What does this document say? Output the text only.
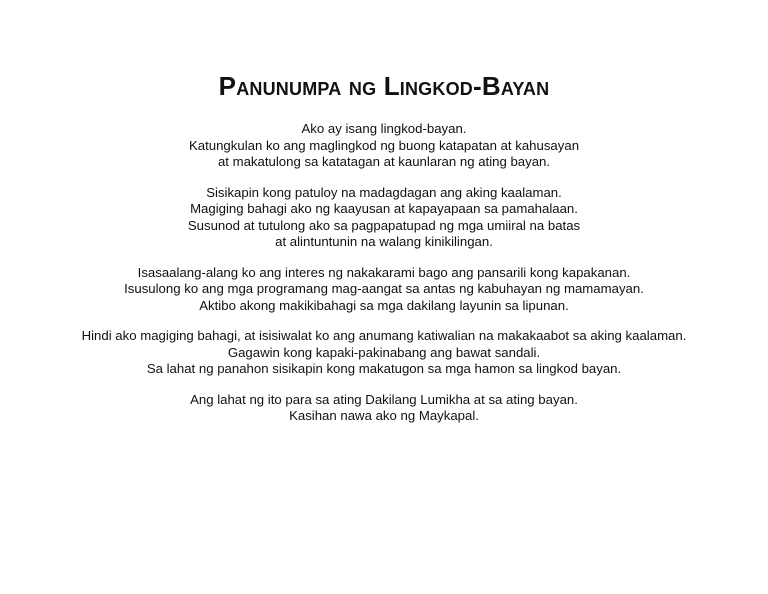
Panunumpa ng Lingkod-Bayan
Ako ay isang lingkod-bayan.
Katungkulan ko ang maglingkod ng buong katapatan at kahusayan
at makatulong sa katatagan at kaunlaran ng ating bayan.
Sisikapin kong patuloy na madagdagan ang aking kaalaman.
Magiging bahagi ako ng kaayusan at kapayapaan sa pamahalaan.
Susunod at tutulong ako sa pagpapatupad ng mga umiiral na batas
at alintuntunin na walang kinikilingan.
Isasaalang-alang ko ang interes ng nakakarami bago ang pansarili kong kapakanan.
Isusulong ko ang mga programang mag-aangat sa antas ng kabuhayan ng mamamayan.
Aktibo akong makikibahagi sa mga dakilang layunin sa lipunan.
Hindi ako magiging bahagi, at isisiwalat ko ang anumang katiwalian na makakaabot sa aking kaalaman.
Gagawin kong kapaki-pakinabang ang bawat sandali.
Sa lahat ng panahon sisikapin kong makatugon sa mga hamon sa lingkod bayan.
Ang lahat ng ito para sa ating Dakilang Lumikha at sa ating bayan.
Kasihan nawa ako ng Maykapal.
